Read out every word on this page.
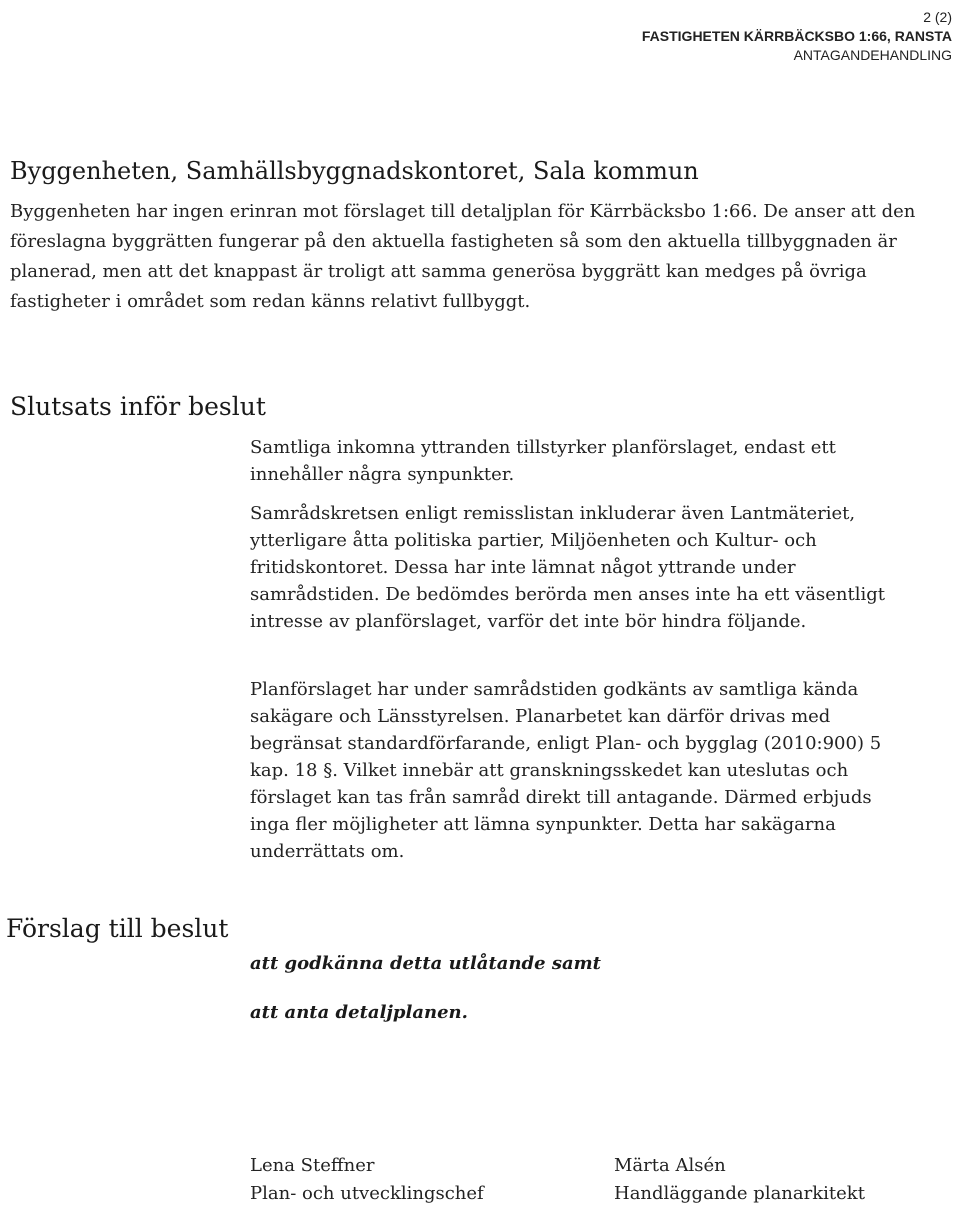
2 (2)
FASTIGHETEN KÄRRBÄCKSBO 1:66, RANSTA
ANTAGANDEHANDLING
Byggenheten, Samhällsbyggnadskontoret, Sala kommun

Byggenheten har ingen erinran mot förslaget till detaljplan för Kärrbäcksbo 1:66. De anser att den föreslagna byggrätten fungerar på den aktuella fastigheten så som den aktuella tillbyggnaden är planerad, men att det knappast är troligt att samma generösa byggrätt kan medges på övriga fastigheter i området som redan känns relativt fullbyggt.

Slutsats inför beslut

Samtliga inkomna yttranden tillstyrker planförslaget, endast ett innehåller några synpunkter.

Samrådskretsen enligt remisslistan inkluderar även Lantmäteriet, ytterligare åtta politiska partier, Miljöenheten och Kultur- och fritidskontoret. Dessa har inte lämnat något yttrande under samrådstiden. De bedömdes berörda men anses inte ha ett väsentligt intresse av planförslaget, varför det inte bör hindra följande.

Planförslaget har under samrådstiden godkänts av samtliga kända sakägare och Länsstyrelsen. Planarbetet kan därför drivas med begränsat standardförfarande, enligt Plan- och bygglag (2010:900) 5 kap. 18 §. Vilket innebär att granskningsskedet kan uteslutas och förslaget kan tas från samråd direkt till antagande. Därmed erbjuds inga fler möjligheter att lämna synpunkter. Detta har sakägarna underrättats om.

Förslag till beslut
att godkänna detta utlåtande samt
att anta detaljplanen.
Lena Steffner
Plan- och utvecklingschef
Märta Alsén
Handläggande planarkitekt
